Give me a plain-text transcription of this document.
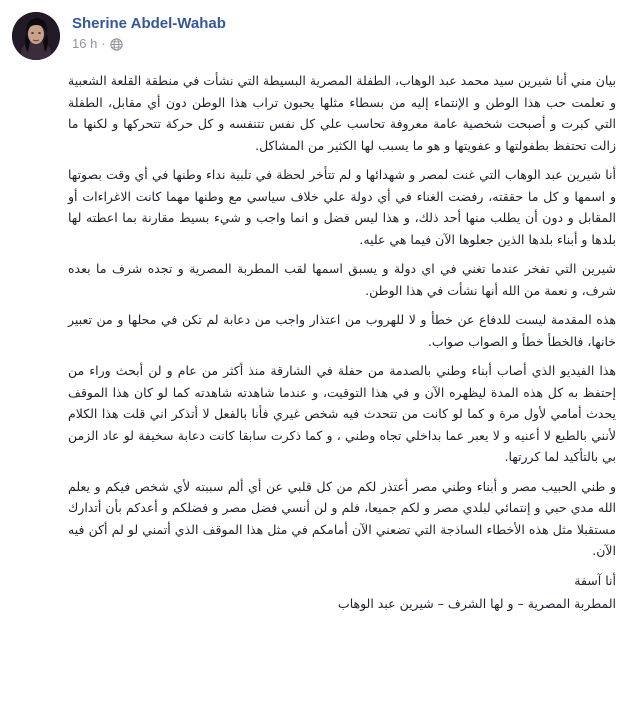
Sherine Abdel-Wahab
16 h ·

بيان مني أنا شيرين سيد محمد عبد الوهاب، الطفلة المصرية البسيطة التي نشأت في منطقة القلعة الشعبية و تعلمت حب هذا الوطن و الإنتماء إليه من بسطاء مثلها يحبون تراب هذا الوطن دون أي مقابل، الطفلة التي كبرت و أصبحت شخصية عامة معروفة تحاسب علي كل نفس تتنفسه و كل حركة تتحركها و لكنها ما زالت تحتفظ بطفولتها و عفويتها و هو ما يسبب لها الكثير من المشاكل.

أنا شيرين عبد الوهاب التي غنت لمصر و شهدائها و لم تتأخر لحظة في تلبية نداء وطنها في أي وقت بصوتها و اسمها و كل ما حققته، رفضت الغناء في أي دولة علي خلاف سياسي مع وطنها مهما كانت الاغراءات أو المقابل و دون أن يطلب منها أحد ذلك، و هذا ليس فضل و انما واجب و شيء بسيط مقارنة بما اعطته لها بلدها و أبناء بلدها الذين جعلوها الآن فيما هي عليه.

شيرين التي تفخر عندما تغني في اي دولة و يسبق اسمها لقب المطربة المصرية و تجده شرف ما بعده شرف، و نعمة من الله أنها نشأت في هذا الوطن.

هذه المقدمة ليست للدفاع عن خطأ و لا للهروب من اعتذار واجب من دعابة لم تكن في محلها و من تعبير خانها، فالخطأ خطأ و الصواب صواب.

هذا الفيديو الذي أصاب أبناء وطني بالصدمة من حفلة في الشارقة منذ أكثر من عام و لن أبحث وراء من إحتفظ به كل هذه المدة ليظهره الآن و في هذا التوقيت، و عندما شاهدته شاهدته كما لو كان هذا الموقف يحدث أمامي لأول مرة و كما لو كانت من تتحدث فيه شخص غيري فأنا بالفعل لا أتذكر اني قلت هذا الكلام لأنني بالطبع لا أعنيه و لا يعبر عما بداخلي تجاه وطني ، و كما ذكرت سابقا كانت دعابة سخيفة لو عاد الزمن بي بالتأكيد لما كررتها.

و طني الحبيب مصر و أبناء وطني مصر أعتذر لكم من كل قلبي عن أي ألم سببته لأي شخص فيكم و يعلم الله مدي حبي و إنتمائي لبلدي مصر و لكم جميعا، فلم و لن أنسي فضل مصر و فضلكم و أعدكم بأن أتدارك مستقبلا مثل هذه الأخطاء الساذجة التي تضعني الآن أمامكم في مثل هذا الموقف الذي أتمني لو لم أكن فيه الآن.

أنا آسفة

المطربة المصرية – و لها الشرف – شيرين عبد الوهاب
